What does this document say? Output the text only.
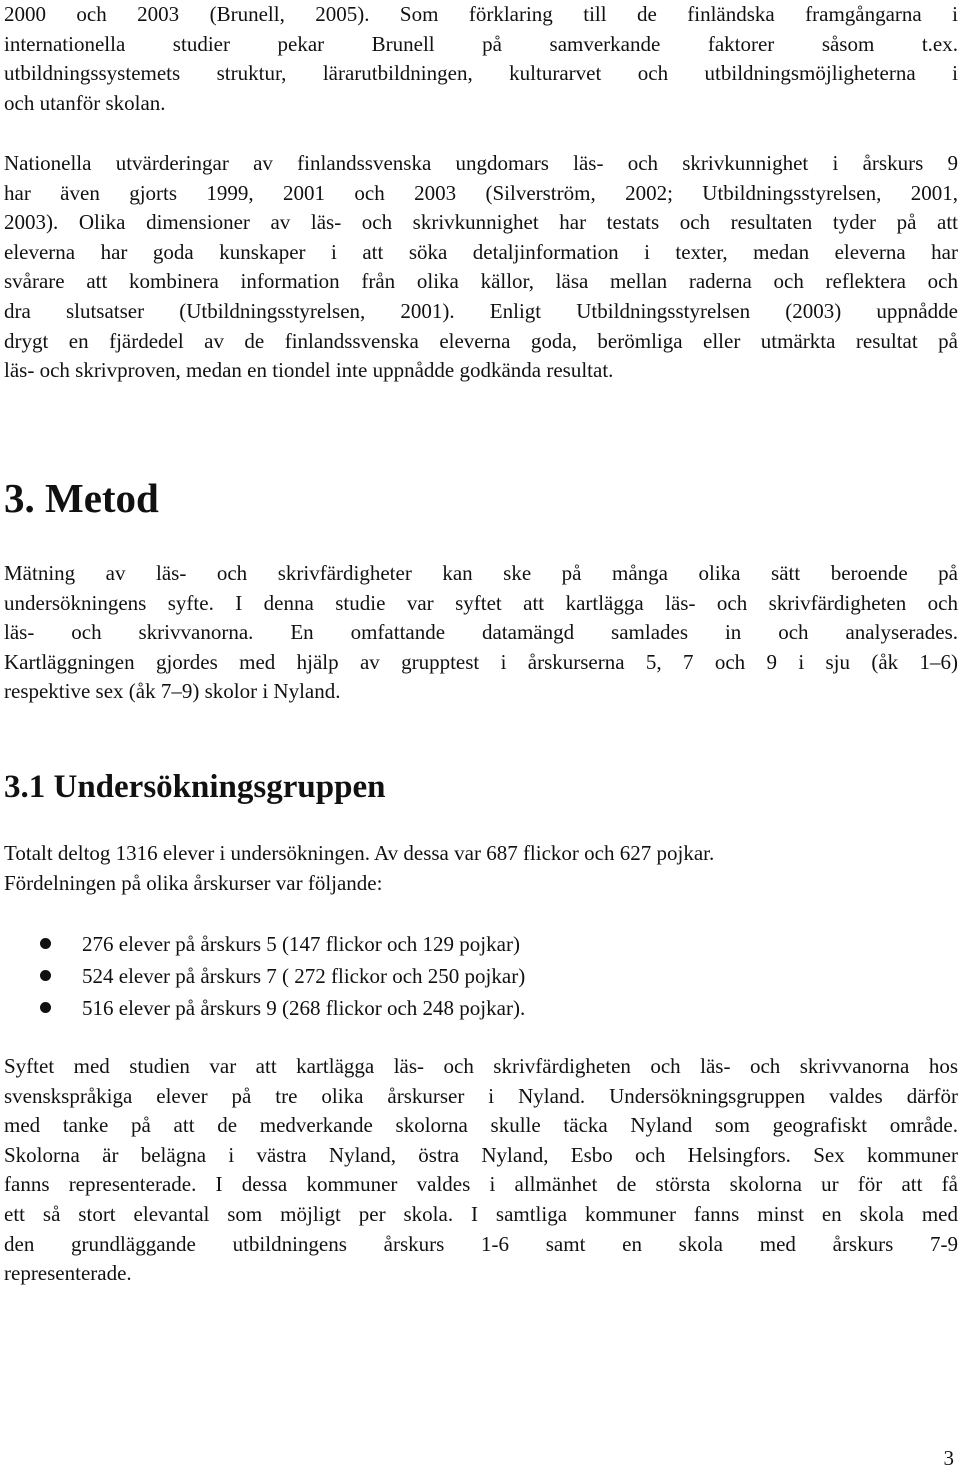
2000 och 2003 (Brunell, 2005). Som förklaring till de finländska framgångarna i
internationella studier pekar Brunell på samverkande faktorer såsom t.ex.
utbildningssystemets struktur, lärarutbildningen, kulturarvet och utbildningsmöjligheterna i
och utanför skolan.
Nationella utvärderingar av finlandssvenska ungdomars läs- och skrivkunnighet i årskurs 9
har även gjorts 1999, 2001 och 2003 (Silverström, 2002; Utbildningsstyrelsen, 2001,
2003). Olika dimensioner av läs- och skrivkunnighet har testats och resultaten tyder på att
eleverna har goda kunskaper i att söka detaljinformation i texter, medan eleverna har
svårare att kombinera information från olika källor, läsa mellan raderna och reflektera och
dra slutsatser (Utbildningsstyrelsen, 2001). Enligt Utbildningsstyrelsen (2003) uppnådde
drygt en fjärdedel av de finlandssvenska eleverna goda, berömliga eller utmärkta resultat på
läs- och skrivproven, medan en tiondel inte uppnådde godkända resultat.
3. Metod
Mätning av läs- och skrivfärdigheter kan ske på många olika sätt beroende på
undersökningens syfte. I denna studie var syftet att kartlägga läs- och skrivfärdigheten och
läs- och skrivvanorna. En omfattande datamängd samlades in och analyserades.
Kartläggningen gjordes med hjälp av grupptest i årskurserna 5, 7 och 9 i sju (åk 1–6)
respektive sex (åk 7–9) skolor i Nyland.
3.1 Undersökningsgruppen
Totalt deltog 1316 elever i undersökningen. Av dessa var 687 flickor och 627 pojkar.
Fördelningen på olika årskurser var följande:
276 elever på årskurs 5 (147 flickor och 129 pojkar)
524 elever på årskurs 7 ( 272 flickor och 250 pojkar)
516 elever på årskurs 9 (268 flickor och 248 pojkar).
Syftet med studien var att kartlägga läs- och skrivfärdigheten och läs- och skrivvanorna hos
svenskspråkiga elever på tre olika årskurser i Nyland. Undersökningsgruppen valdes därför
med tanke på att de medverkande skolorna skulle täcka Nyland som geografiskt område.
Skolorna är belägna i västra Nyland, östra Nyland, Esbo och Helsingfors. Sex kommuner
fanns representerade. I dessa kommuner valdes i allmänhet de största skolorna ur för att få
ett så stort elevantal som möjligt per skola. I samtliga kommuner fanns minst en skola med
den grundläggande utbildningens årskurs 1-6 samt en skola med årskurs 7-9
representerade.
3
